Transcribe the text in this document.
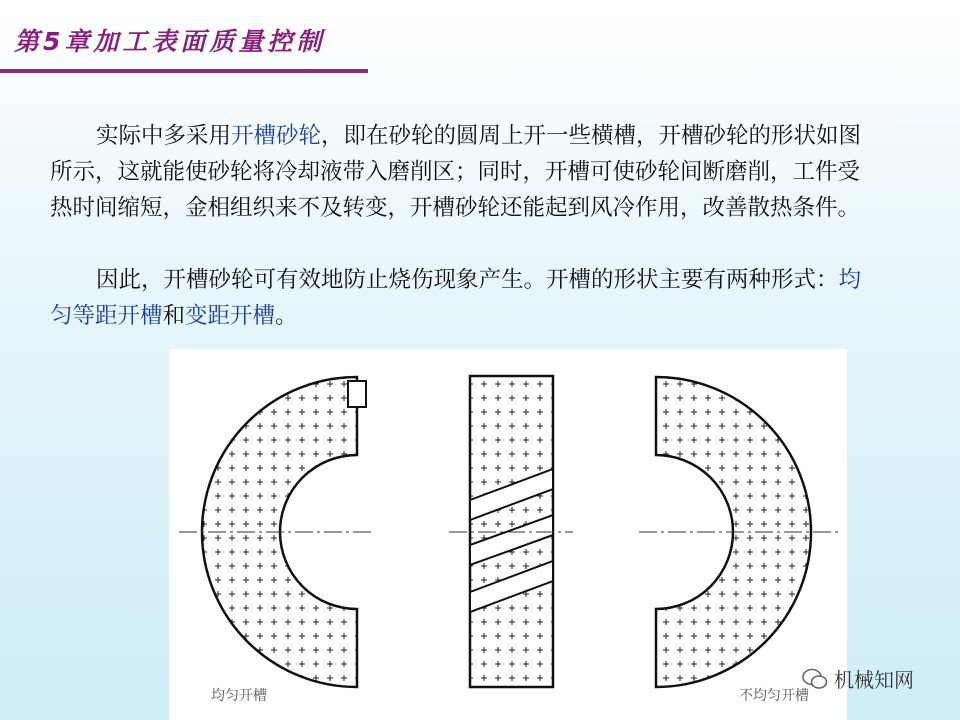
第5章加工表面质量控制

实际中多采用开槽砂轮，即在砂轮的圆周上开一些横槽，开槽砂轮的形状如图所示，这就能使砂轮将冷却液带入磨削区；同时，开槽可使砂轮间断磨削，工件受热时间缩短，金相组织来不及转变，开槽砂轮还能起到风冷作用，改善散热条件。

因此，开槽砂轮可有效地防止烧伤现象产生。开槽的形状主要有两种形式：均匀等距开槽和变距开槽。

均匀开槽	不均匀开槽
机械知网
